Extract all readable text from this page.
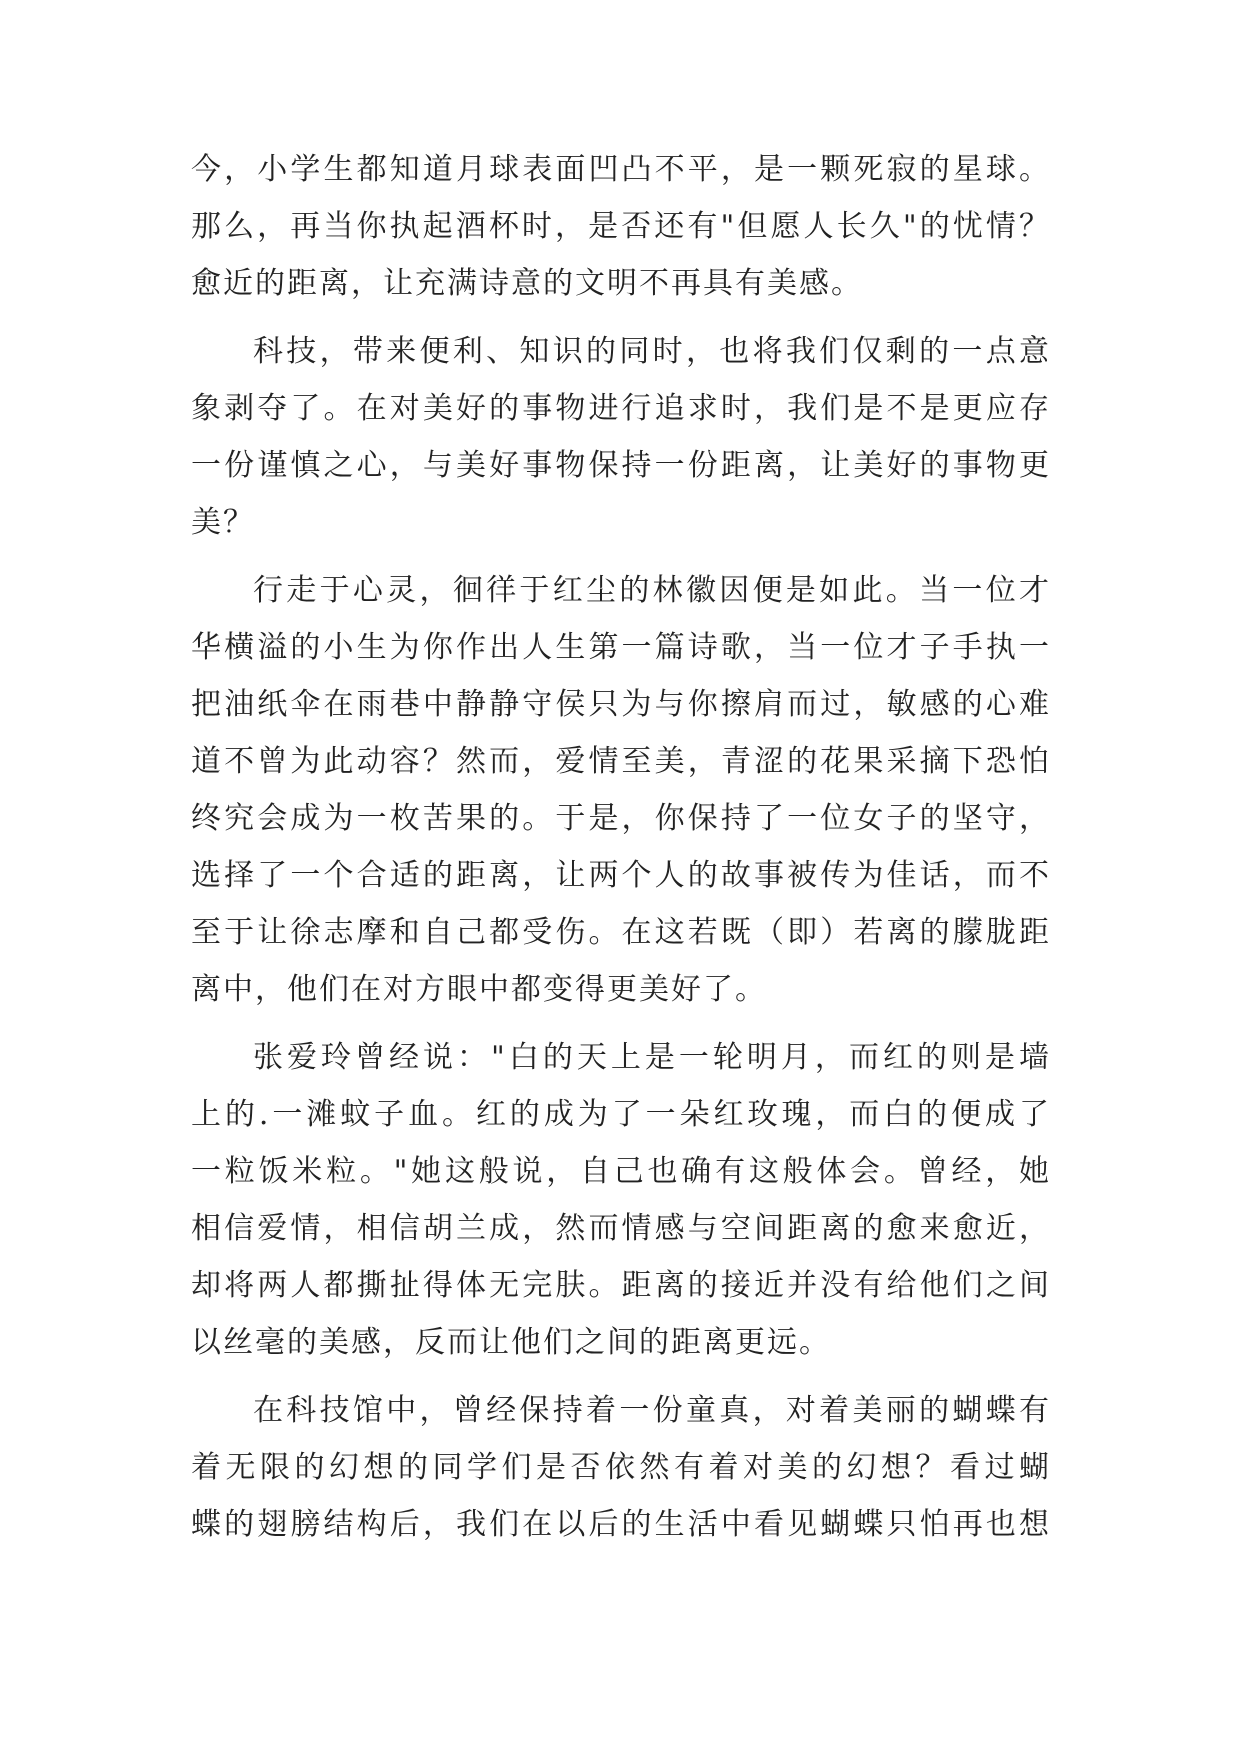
今，小学生都知道月球表面凹凸不平，是一颗死寂的星球。
那么，再当你执起酒杯时，是否还有"但愿人长久"的忧情？
愈近的距离，让充满诗意的文明不再具有美感。
科技，带来便利、知识的同时，也将我们仅剩的一点意
象剥夺了。在对美好的事物进行追求时，我们是不是更应存
一份谨慎之心，与美好事物保持一份距离，让美好的事物更
美？
行走于心灵，徊徉于红尘的林徽因便是如此。当一位才
华横溢的小生为你作出人生第一篇诗歌，当一位才子手执一
把油纸伞在雨巷中静静守侯只为与你擦肩而过，敏感的心难
道不曾为此动容？然而，爱情至美，青涩的花果采摘下恐怕
终究会成为一枚苦果的。于是，你保持了一位女子的坚守，
选择了一个合适的距离，让两个人的故事被传为佳话，而不
至于让徐志摩和自己都受伤。在这若既（即）若离的朦胧距
离中，他们在对方眼中都变得更美好了。
张爱玲曾经说："白的天上是一轮明月，而红的则是墙
上的.一滩蚊子血。红的成为了一朵红玫瑰，而白的便成了
一粒饭米粒。"她这般说，自己也确有这般体会。曾经，她
相信爱情，相信胡兰成，然而情感与空间距离的愈来愈近，
却将两人都撕扯得体无完肤。距离的接近并没有给他们之间
以丝毫的美感，反而让他们之间的距离更远。
在科技馆中，曾经保持着一份童真，对着美丽的蝴蝶有
着无限的幻想的同学们是否依然有着对美的幻想？看过蝴
蝶的翅膀结构后，我们在以后的生活中看见蝴蝶只怕再也想
